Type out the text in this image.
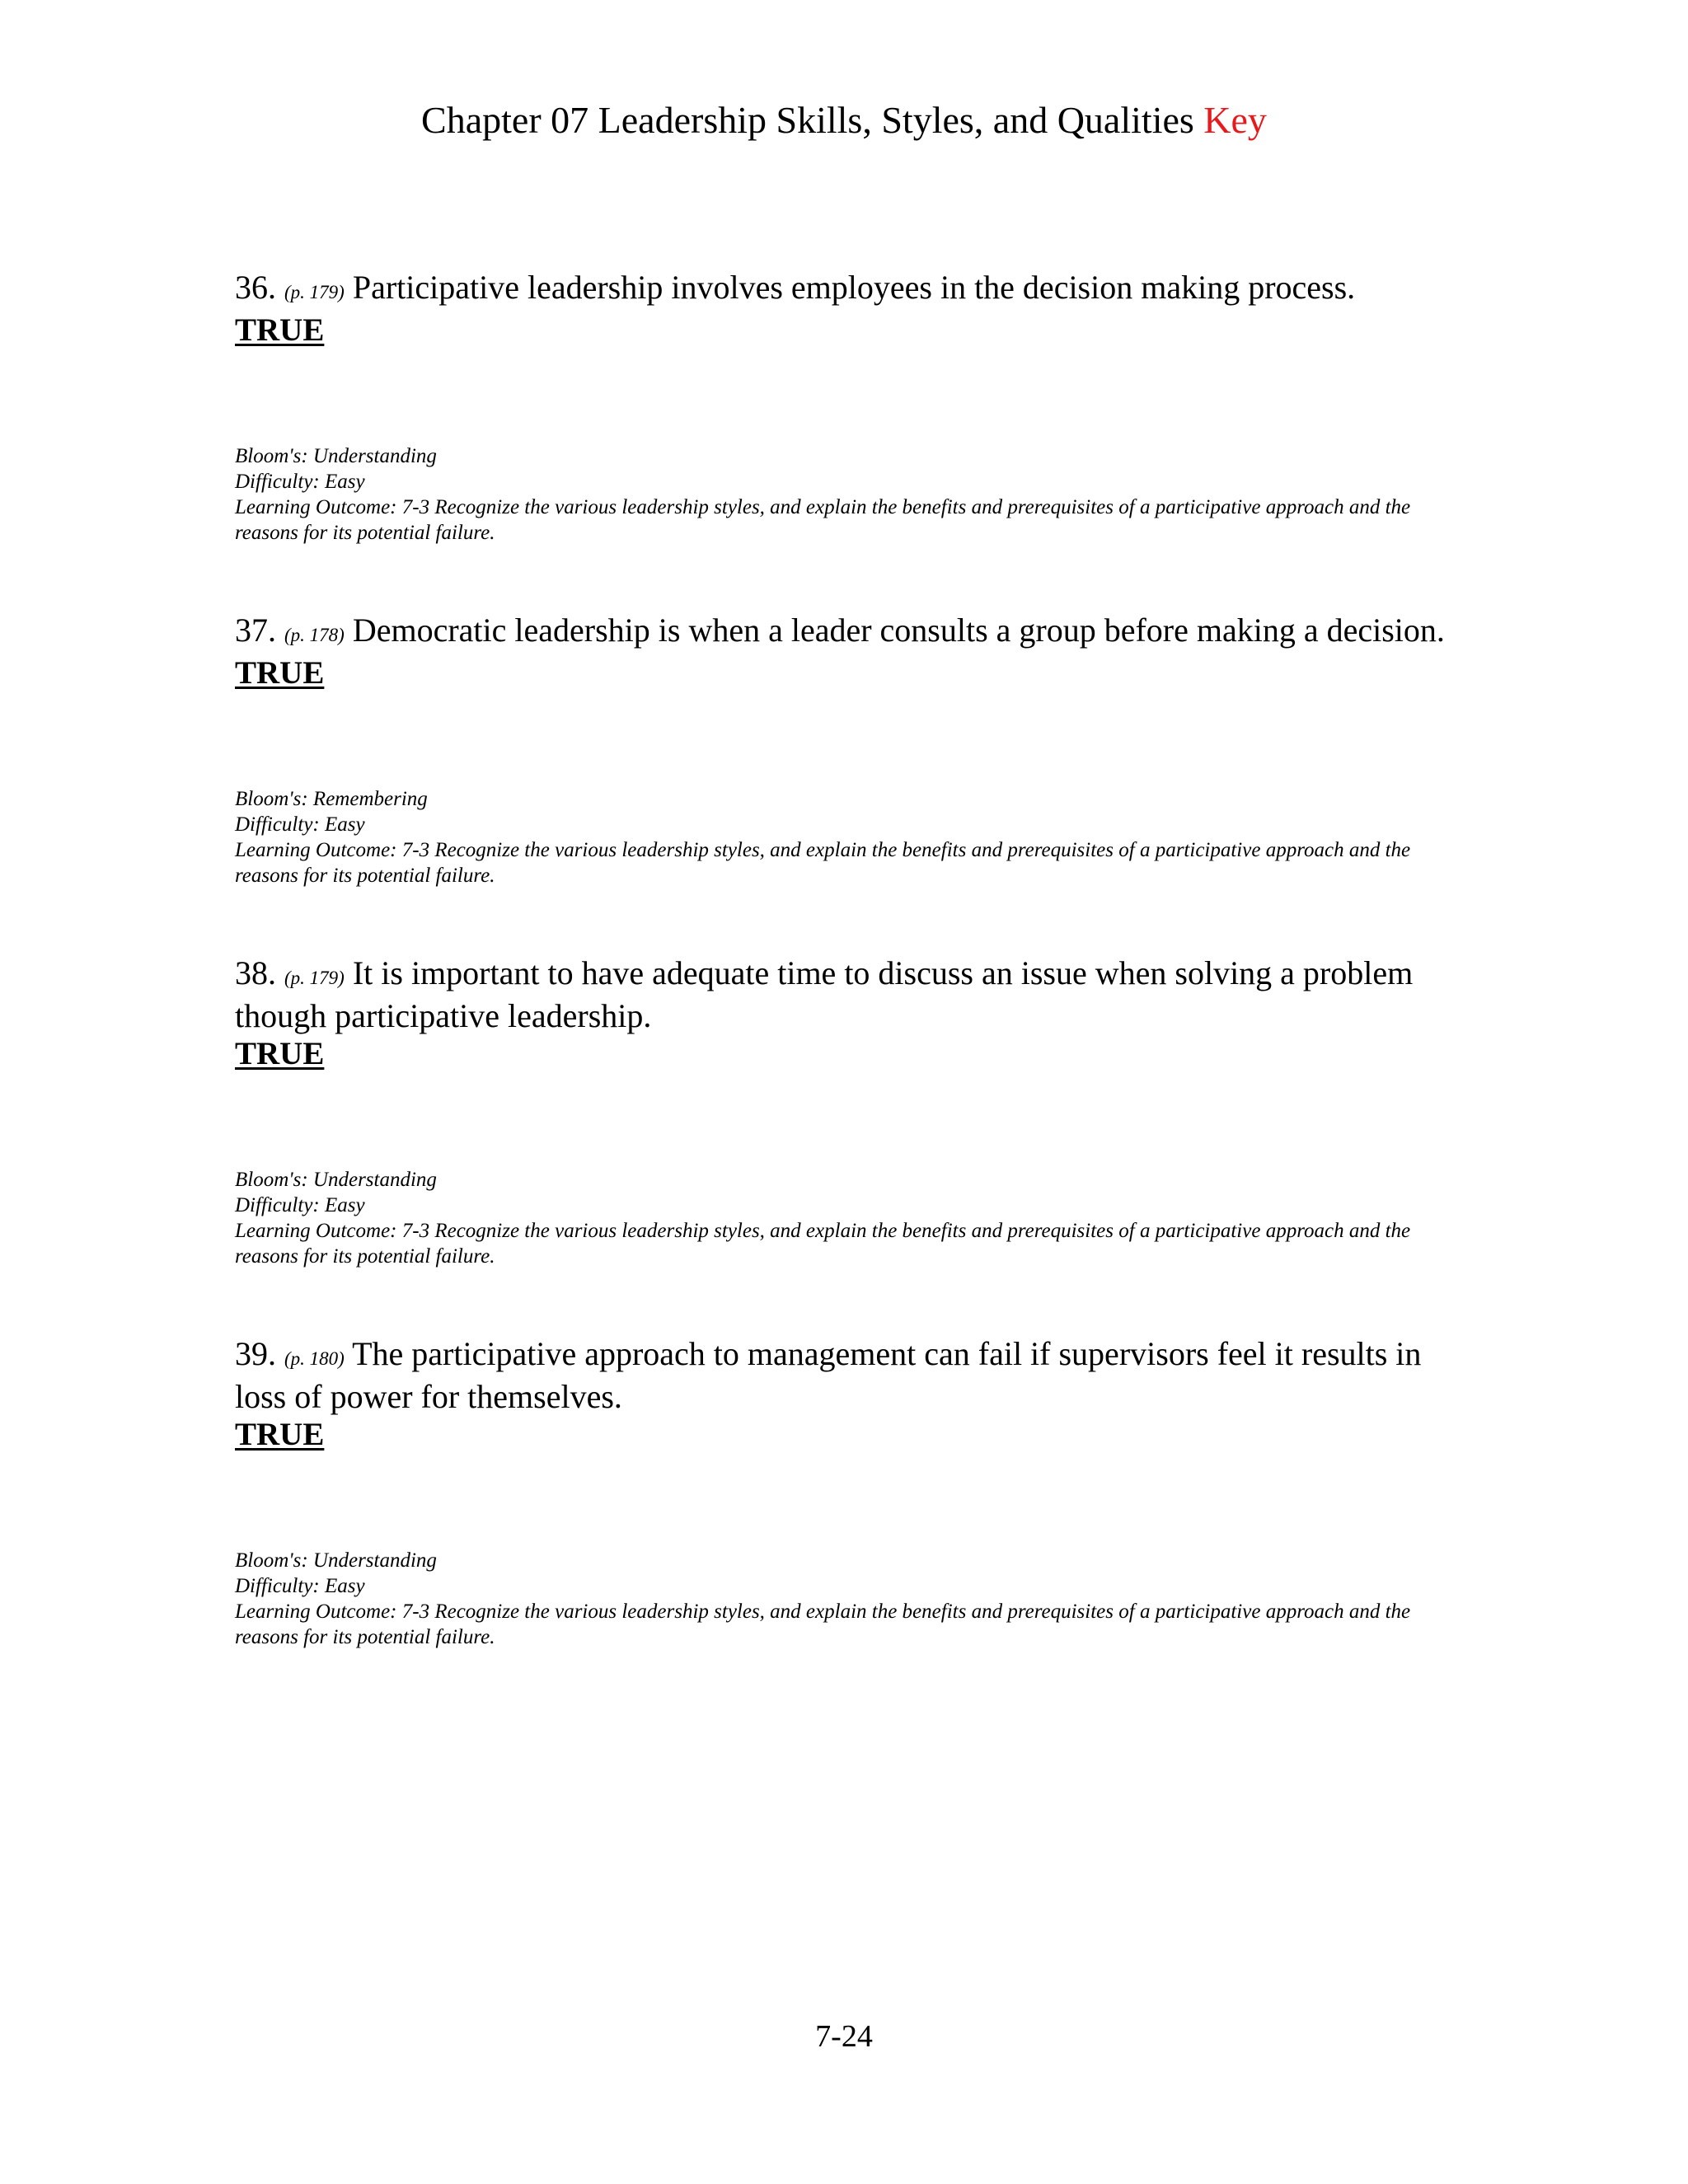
Chapter 07 Leadership Skills, Styles, and Qualities Key
36. (p. 179) Participative leadership involves employees in the decision making process.
TRUE
Bloom's: Understanding
Difficulty: Easy
Learning Outcome: 7-3 Recognize the various leadership styles, and explain the benefits and prerequisites of a participative approach and the reasons for its potential failure.
37. (p. 178) Democratic leadership is when a leader consults a group before making a decision.
TRUE
Bloom's: Remembering
Difficulty: Easy
Learning Outcome: 7-3 Recognize the various leadership styles, and explain the benefits and prerequisites of a participative approach and the reasons for its potential failure.
38. (p. 179) It is important to have adequate time to discuss an issue when solving a problem though participative leadership.
TRUE
Bloom's: Understanding
Difficulty: Easy
Learning Outcome: 7-3 Recognize the various leadership styles, and explain the benefits and prerequisites of a participative approach and the reasons for its potential failure.
39. (p. 180) The participative approach to management can fail if supervisors feel it results in loss of power for themselves.
TRUE
Bloom's: Understanding
Difficulty: Easy
Learning Outcome: 7-3 Recognize the various leadership styles, and explain the benefits and prerequisites of a participative approach and the reasons for its potential failure.
7-24
